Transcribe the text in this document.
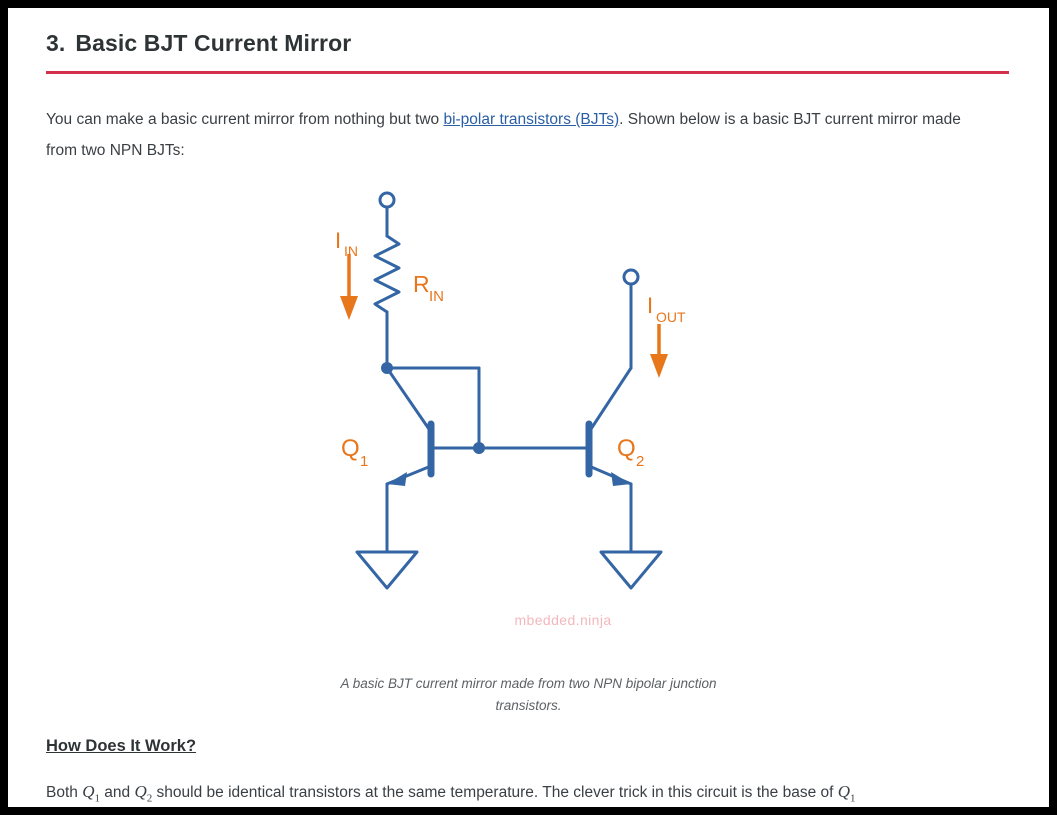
3. Basic BJT Current Mirror

You can make a basic current mirror from nothing but two bi-polar transistors (BJTs). Shown below is a basic BJT current mirror made from two NPN BJTs:

I IN
R IN	I OUT
Q 1	Q 2
mbedded.ninja
A basic BJT current mirror made from two NPN bipolar junction transistors.
How Does It Work?

Both $Q_1$ and $Q_2$ should be identical transistors at the same temperature. The clever trick in this circuit is the base of $Q_1$
